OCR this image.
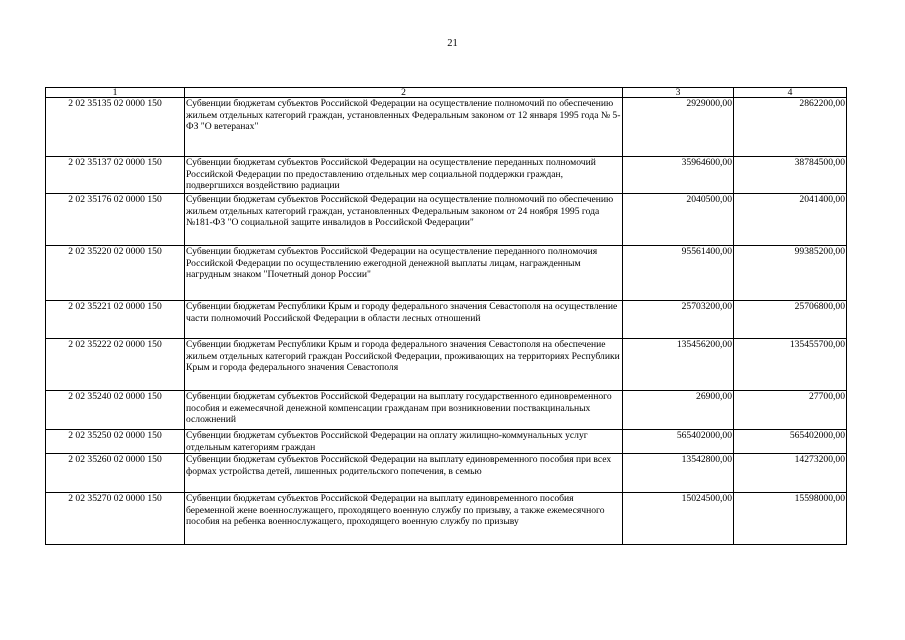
21
1	2	3	4
2 02 35135 02 0000 150	Субвенции бюджетам субъектов Российской Федерации на осуществление полномочий по обеспечению жильем отдельных категорий граждан, установленных Федеральным законом от 12 января 1995 года № 5-ФЗ "О ветеранах"	2929000,00	2862200,00
2 02 35137 02 0000 150	Субвенции бюджетам субъектов Российской Федерации на осуществление переданных полномочий Российской Федерации по предоставлению отдельных мер социальной поддержки граждан, подвергшихся воздействию радиации	35964600,00	38784500,00
2 02 35176 02 0000 150	Субвенции бюджетам субъектов Российской Федерации на осуществление полномочий по обеспечению жильем отдельных категорий граждан, установленных Федеральным законом от 24 ноября 1995 года №181-ФЗ "О социальной защите инвалидов в Российской Федерации"	2040500,00	2041400,00
2 02 35220 02 0000 150	Субвенции бюджетам субъектов Российской Федерации на осуществление переданного полномочия Российской Федерации по осуществлению ежегодной денежной выплаты лицам, награжденным нагрудным знаком "Почетный донор России"	95561400,00	99385200,00
2 02 35221 02 0000 150	Субвенции бюджетам Республики Крым и городу федерального значения Севастополя на осуществление части полномочий Российской Федерации в области лесных отношений	25703200,00	25706800,00
2 02 35222 02 0000 150	Субвенции бюджетам Республики Крым и города федерального значения Севастополя на обеспечение жильем отдельных категорий граждан Российской Федерации, проживающих на территориях Республики Крым и города федерального значения Севастополя	135456200,00	135455700,00
2 02 35240 02 0000 150	Субвенции бюджетам субъектов Российской Федерации на выплату государственного единовременного пособия и ежемесячной денежной компенсации гражданам при возникновении поствакцинальных осложнений	26900,00	27700,00
2 02 35250 02 0000 150	Субвенции бюджетам субъектов Российской Федерации на оплату жилищно-коммунальных услуг отдельным категориям граждан	565402000,00	565402000,00
2 02 35260 02 0000 150	Субвенции бюджетам субъектов Российской Федерации на выплату единовременного пособия при всех формах устройства детей, лишенных родительского попечения, в семью	13542800,00	14273200,00
2 02 35270 02 0000 150	Субвенции бюджетам субъектов Российской Федерации на выплату единовременного пособия беременной жене военнослужащего, проходящего военную службу по призыву, а также ежемесячного пособия на ребенка военнослужащего, проходящего военную службу по призыву	15024500,00	15598000,00
